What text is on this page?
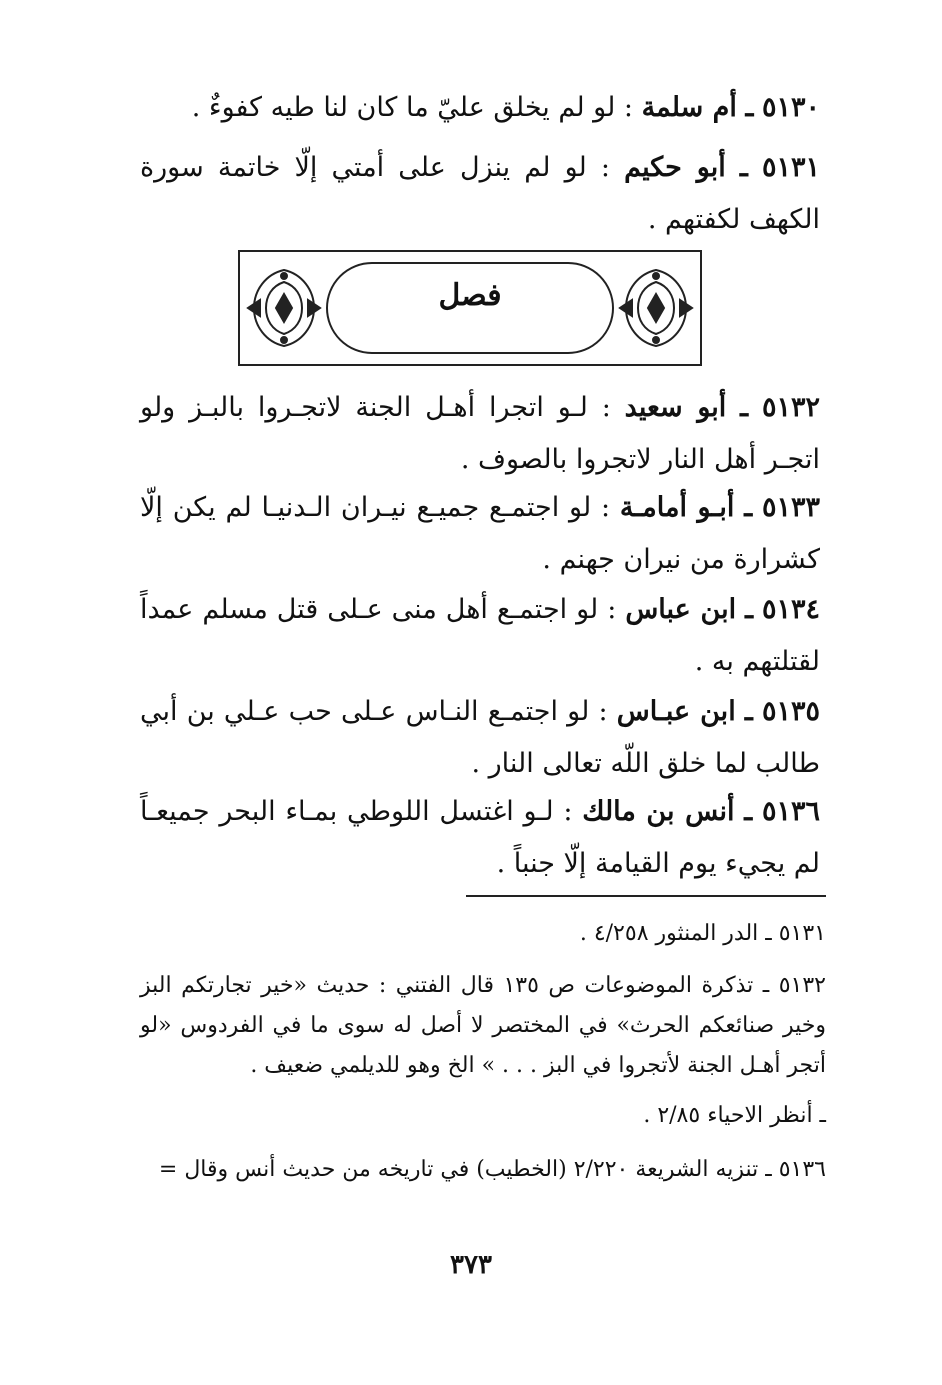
٥١٣٠ ـ أم سلمة : لو لم يخلق عليّ ما كان لنا طيه كفوءٌ .
٥١٣١ ـ أبو حكيم : لو لم ينزل على أمتي إلّا خاتمة سورة الكهف لكفتهم .
فصل
٥١٣٢ ـ أبو سعيد : لـو اتجرا أهـل الجنة لاتجـروا بالبـز ولو اتجـر أهل النار لاتجروا بالصوف .
٥١٣٣ ـ أبـو أمامـة : لو اجتمـع جميـع نيـران الـدنيـا لم يكن إلّا كشرارة من نيران جهنم .
٥١٣٤ ـ ابن عباس : لو اجتمـع أهل منى عـلى قتل مسلم عمداً لقتلتهم به .
٥١٣٥ ـ ابن عبـاس : لو اجتمـع النـاس عـلى حب عـلي بن أبي طالب لما خلق اللّه تعالى النار .
٥١٣٦ ـ أنس بن مالك : لـو اغتسل اللوطي بمـاء البحر جميعـاً لم يجيء يوم القيامة إلّا جنباً .
٥١٣١ ـ الدر المنثور ٤/٢٥٨ .
٥١٣٢ ـ تذكرة الموضوعات ص ١٣٥ قال الفتني : حديث «خير تجارتكم البز وخير صنائعكم الحرث» في المختصر لا أصل له سوى ما في الفردوس «لو أتجر أهـل الجنة لأتجروا في البز . . . » الخ وهو للديلمي ضعيف .
ـ أنظر الاحياء ٢/٨٥ .
٥١٣٦ ـ تنزيه الشريعة ٢/٢٢٠ (الخطيب) في تاريخه من حديث أنس وقال =
٣٧٣
